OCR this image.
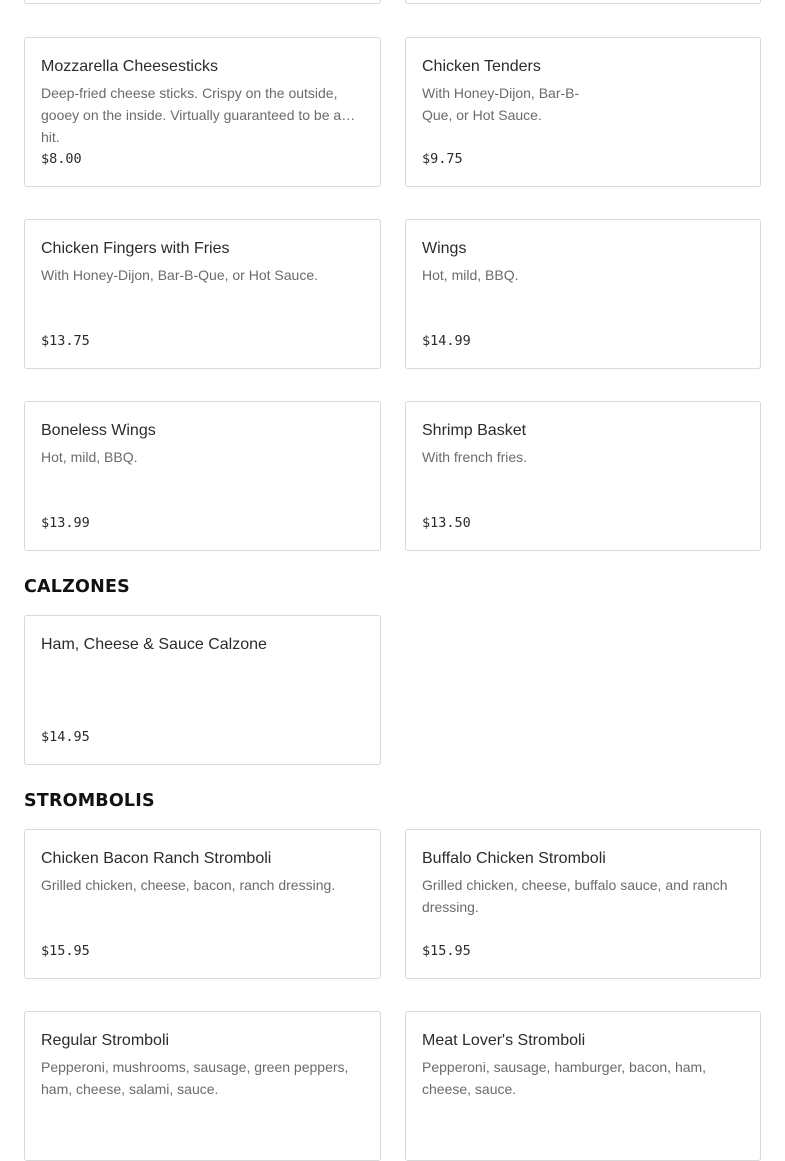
Mozzarella Cheesesticks
Deep-fried cheese sticks. Crispy on the outside, gooey on the inside. Virtually guaranteed to be a hit.
$8.00
Chicken Tenders
With Honey-Dijon, Bar-B-Que, or Hot Sauce.
$9.75
Chicken Fingers with Fries
With Honey-Dijon, Bar-B-Que, or Hot Sauce.
$13.75
Wings
Hot, mild, BBQ.
$14.99
Boneless Wings
Hot, mild, BBQ.
$13.99
Shrimp Basket
With french fries.
$13.50
CALZONES
Ham, Cheese & Sauce Calzone
$14.95
STROMBOLIS
Chicken Bacon Ranch Stromboli
Grilled chicken, cheese, bacon, ranch dressing.
$15.95
Buffalo Chicken Stromboli
Grilled chicken, cheese, buffalo sauce, and ranch dressing.
$15.95
Regular Stromboli
Pepperoni, mushrooms, sausage, green peppers, ham, cheese, salami, sauce.
Meat Lover's Stromboli
Pepperoni, sausage, hamburger, bacon, ham, cheese, sauce.
